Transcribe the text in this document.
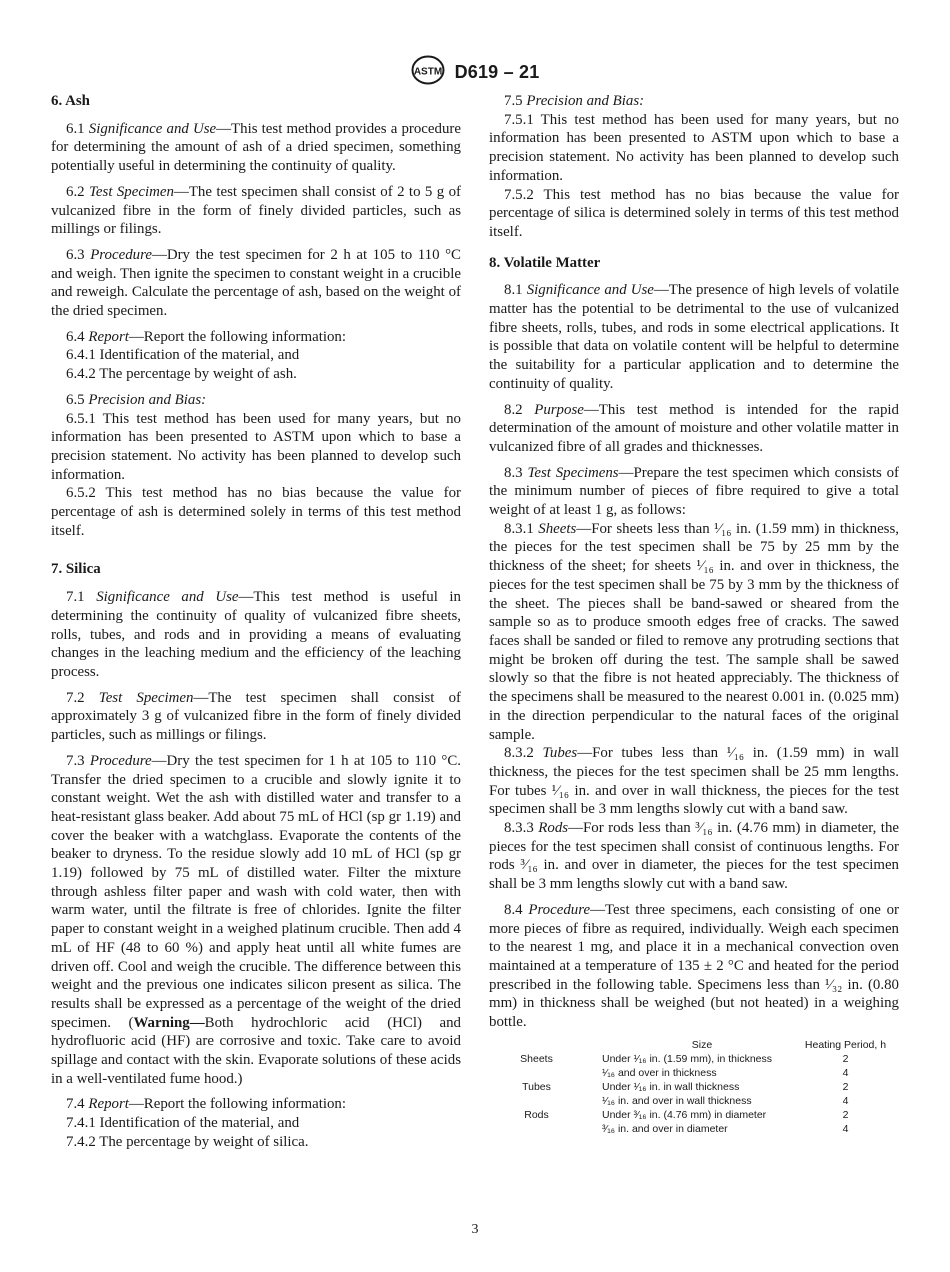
ASTM D619 – 21
6. Ash

6.1 Significance and Use—This test method provides a procedure for determining the amount of ash of a dried specimen, something potentially useful in determining the continuity of quality.

6.2 Test Specimen—The test specimen shall consist of 2 to 5 g of vulcanized fibre in the form of finely divided particles, such as millings or filings.

6.3 Procedure—Dry the test specimen for 2 h at 105 to 110 °C and weigh. Then ignite the specimen to constant weight in a crucible and reweigh. Calculate the percentage of ash, based on the weight of the dried specimen.

6.4 Report—Report the following information:

6.4.1 Identification of the material, and

6.4.2 The percentage by weight of ash.

6.5 Precision and Bias:

6.5.1 This test method has been used for many years, but no information has been presented to ASTM upon which to base a precision statement. No activity has been planned to develop such information.

6.5.2 This test method has no bias because the value for percentage of ash is determined solely in terms of this test method itself.

7. Silica

7.1 Significance and Use—This test method is useful in determining the continuity of quality of vulcanized fibre sheets, rolls, tubes, and rods and in providing a means of evaluating changes in the leaching medium and the efficiency of the leaching process.

7.2 Test Specimen—The test specimen shall consist of approximately 3 g of vulcanized fibre in the form of finely divided particles, such as millings or filings.

7.3 Procedure—Dry the test specimen for 1 h at 105 to 110 °C. Transfer the dried specimen to a crucible and slowly ignite it to constant weight. Wet the ash with distilled water and transfer to a heat-resistant glass beaker. Add about 75 mL of HCl (sp gr 1.19) and cover the beaker with a watchglass. Evaporate the contents of the beaker to dryness. To the residue slowly add 10 mL of HCl (sp gr 1.19) followed by 75 mL of distilled water. Filter the mixture through ashless filter paper and wash with cold water, then with warm water, until the filtrate is free of chlorides. Ignite the filter paper to constant weight in a weighed platinum crucible. Then add 4 mL of HF (48 to 60 %) and apply heat until all white fumes are driven off. Cool and weigh the crucible. The difference between this weight and the previous one indicates silicon present as silica. The results shall be expressed as a percentage of the weight of the dried specimen. (Warning—Both hydrochloric acid (HCl) and hydrofluoric acid (HF) are corrosive and toxic. Take care to avoid spillage and contact with the skin. Evaporate solutions of these acids in a well-ventilated fume hood.)

7.4 Report—Report the following information:

7.4.1 Identification of the material, and

7.4.2 The percentage by weight of silica.

7.5 Precision and Bias:

7.5.1 This test method has been used for many years, but no information has been presented to ASTM upon which to base a precision statement. No activity has been planned to develop such information.

7.5.2 This test method has no bias because the value for percentage of silica is determined solely in terms of this test method itself.

8. Volatile Matter

8.1 Significance and Use—The presence of high levels of volatile matter has the potential to be detrimental to the use of vulcanized fibre sheets, rolls, tubes, and rods in some electrical applications. It is possible that data on volatile content will be helpful to determine the suitability for a particular application and to determine the continuity of quality.

8.2 Purpose—This test method is intended for the rapid determination of the amount of moisture and other volatile matter in vulcanized fibre of all grades and thicknesses.

8.3 Test Specimens—Prepare the test specimen which consists of the minimum number of pieces of fibre required to give a total weight of at least 1 g, as follows:

8.3.1 Sheets—For sheets less than ¹⁄₁₆ in. (1.59 mm) in thickness, the pieces for the test specimen shall be 75 by 25 mm by the thickness of the sheet; for sheets ¹⁄₁₆ in. and over in thickness, the pieces for the test specimen shall be 75 by 3 mm by the thickness of the sheet. The pieces shall be band-sawed or sheared from the sample so as to produce smooth edges free of cracks. The sawed faces shall be sanded or filed to remove any protruding sections that might be broken off during the test. The sample shall be sawed slowly so that the fibre is not heated appreciably. The thickness of the specimens shall be measured to the nearest 0.001 in. (0.025 mm) in the direction perpendicular to the natural faces of the original sample.

8.3.2 Tubes—For tubes less than ¹⁄₁₆ in. (1.59 mm) in wall thickness, the pieces for the test specimen shall be 25 mm lengths. For tubes ¹⁄₁₆ in. and over in wall thickness, the pieces for the test specimen shall be 3 mm lengths slowly cut with a band saw.

8.3.3 Rods—For rods less than ³⁄₁₆ in. (4.76 mm) in diameter, the pieces for the test specimen shall consist of continuous lengths. For rods ³⁄₁₆ in. and over in diameter, the pieces for the test specimen shall be 3 mm lengths slowly cut with a band saw.

8.4 Procedure—Test three specimens, each consisting of one or more pieces of fibre as required, individually. Weigh each specimen to the nearest 1 mg, and place it in a mechanical convection oven maintained at a temperature of 135 ± 2 °C and heated for the period prescribed in the following table. Specimens less than ¹⁄₃₂ in. (0.80 mm) in thickness shall be weighed (but not heated) in a weighing bottle.

	Size	Heating Period, h
Sheets	Under ¹⁄₁₆ in. (1.59 mm), in thickness	2
	¹⁄₁₆ and over in thickness	4
Tubes	Under ¹⁄₁₆ in. in wall thickness	2
	¹⁄₁₆ in. and over in wall thickness	4
Rods	Under ³⁄₁₆ in. (4.76 mm) in diameter	2
	³⁄₁₆ in. and over in diameter	4
3
